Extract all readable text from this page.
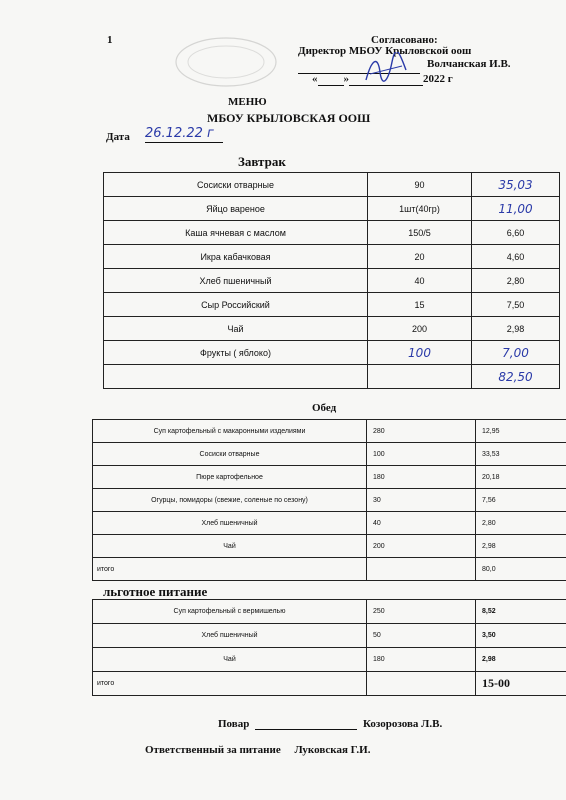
1	Согласовано:
Директор МБОУ Крыловской оош
Волчанская И.В.
« »	2022 г
МЕНЮ
МБОУ КРЫЛОВСКАЯ ООШ
Дата 26.12.22 г
Завтрак
Сосиски отварные	90	35,03
Яйцо вареное	1шт(40гр)	11,00
Каша ячневая с маслом	150/5	6,60
Икра кабачковая	20	4,60
Хлеб пшеничный	40	2,80
Сыр Российский	15	7,50
Чай	200	2,98
Фрукты ( яблоко)	100	7,00
		82,50
Обед
Суп картофельный с макаронными изделиями	280	12,95
Сосиски отварные	100	33,53
Пюре картофельное	180	20,18
Огурцы, помидоры (свежие, соленые по сезону)	30	7,56
Хлеб пшеничный	40	2,80
Чай	200	2,98
итого		80,0
льготное питание
Суп картофельный с вермишелью	250	8,52
Хлеб пшеничный	50	3,50
Чай	180	2,98
итого		15-00
Повар	Козорозова Л.В.
Ответственный за питание Луковская Г.И.
